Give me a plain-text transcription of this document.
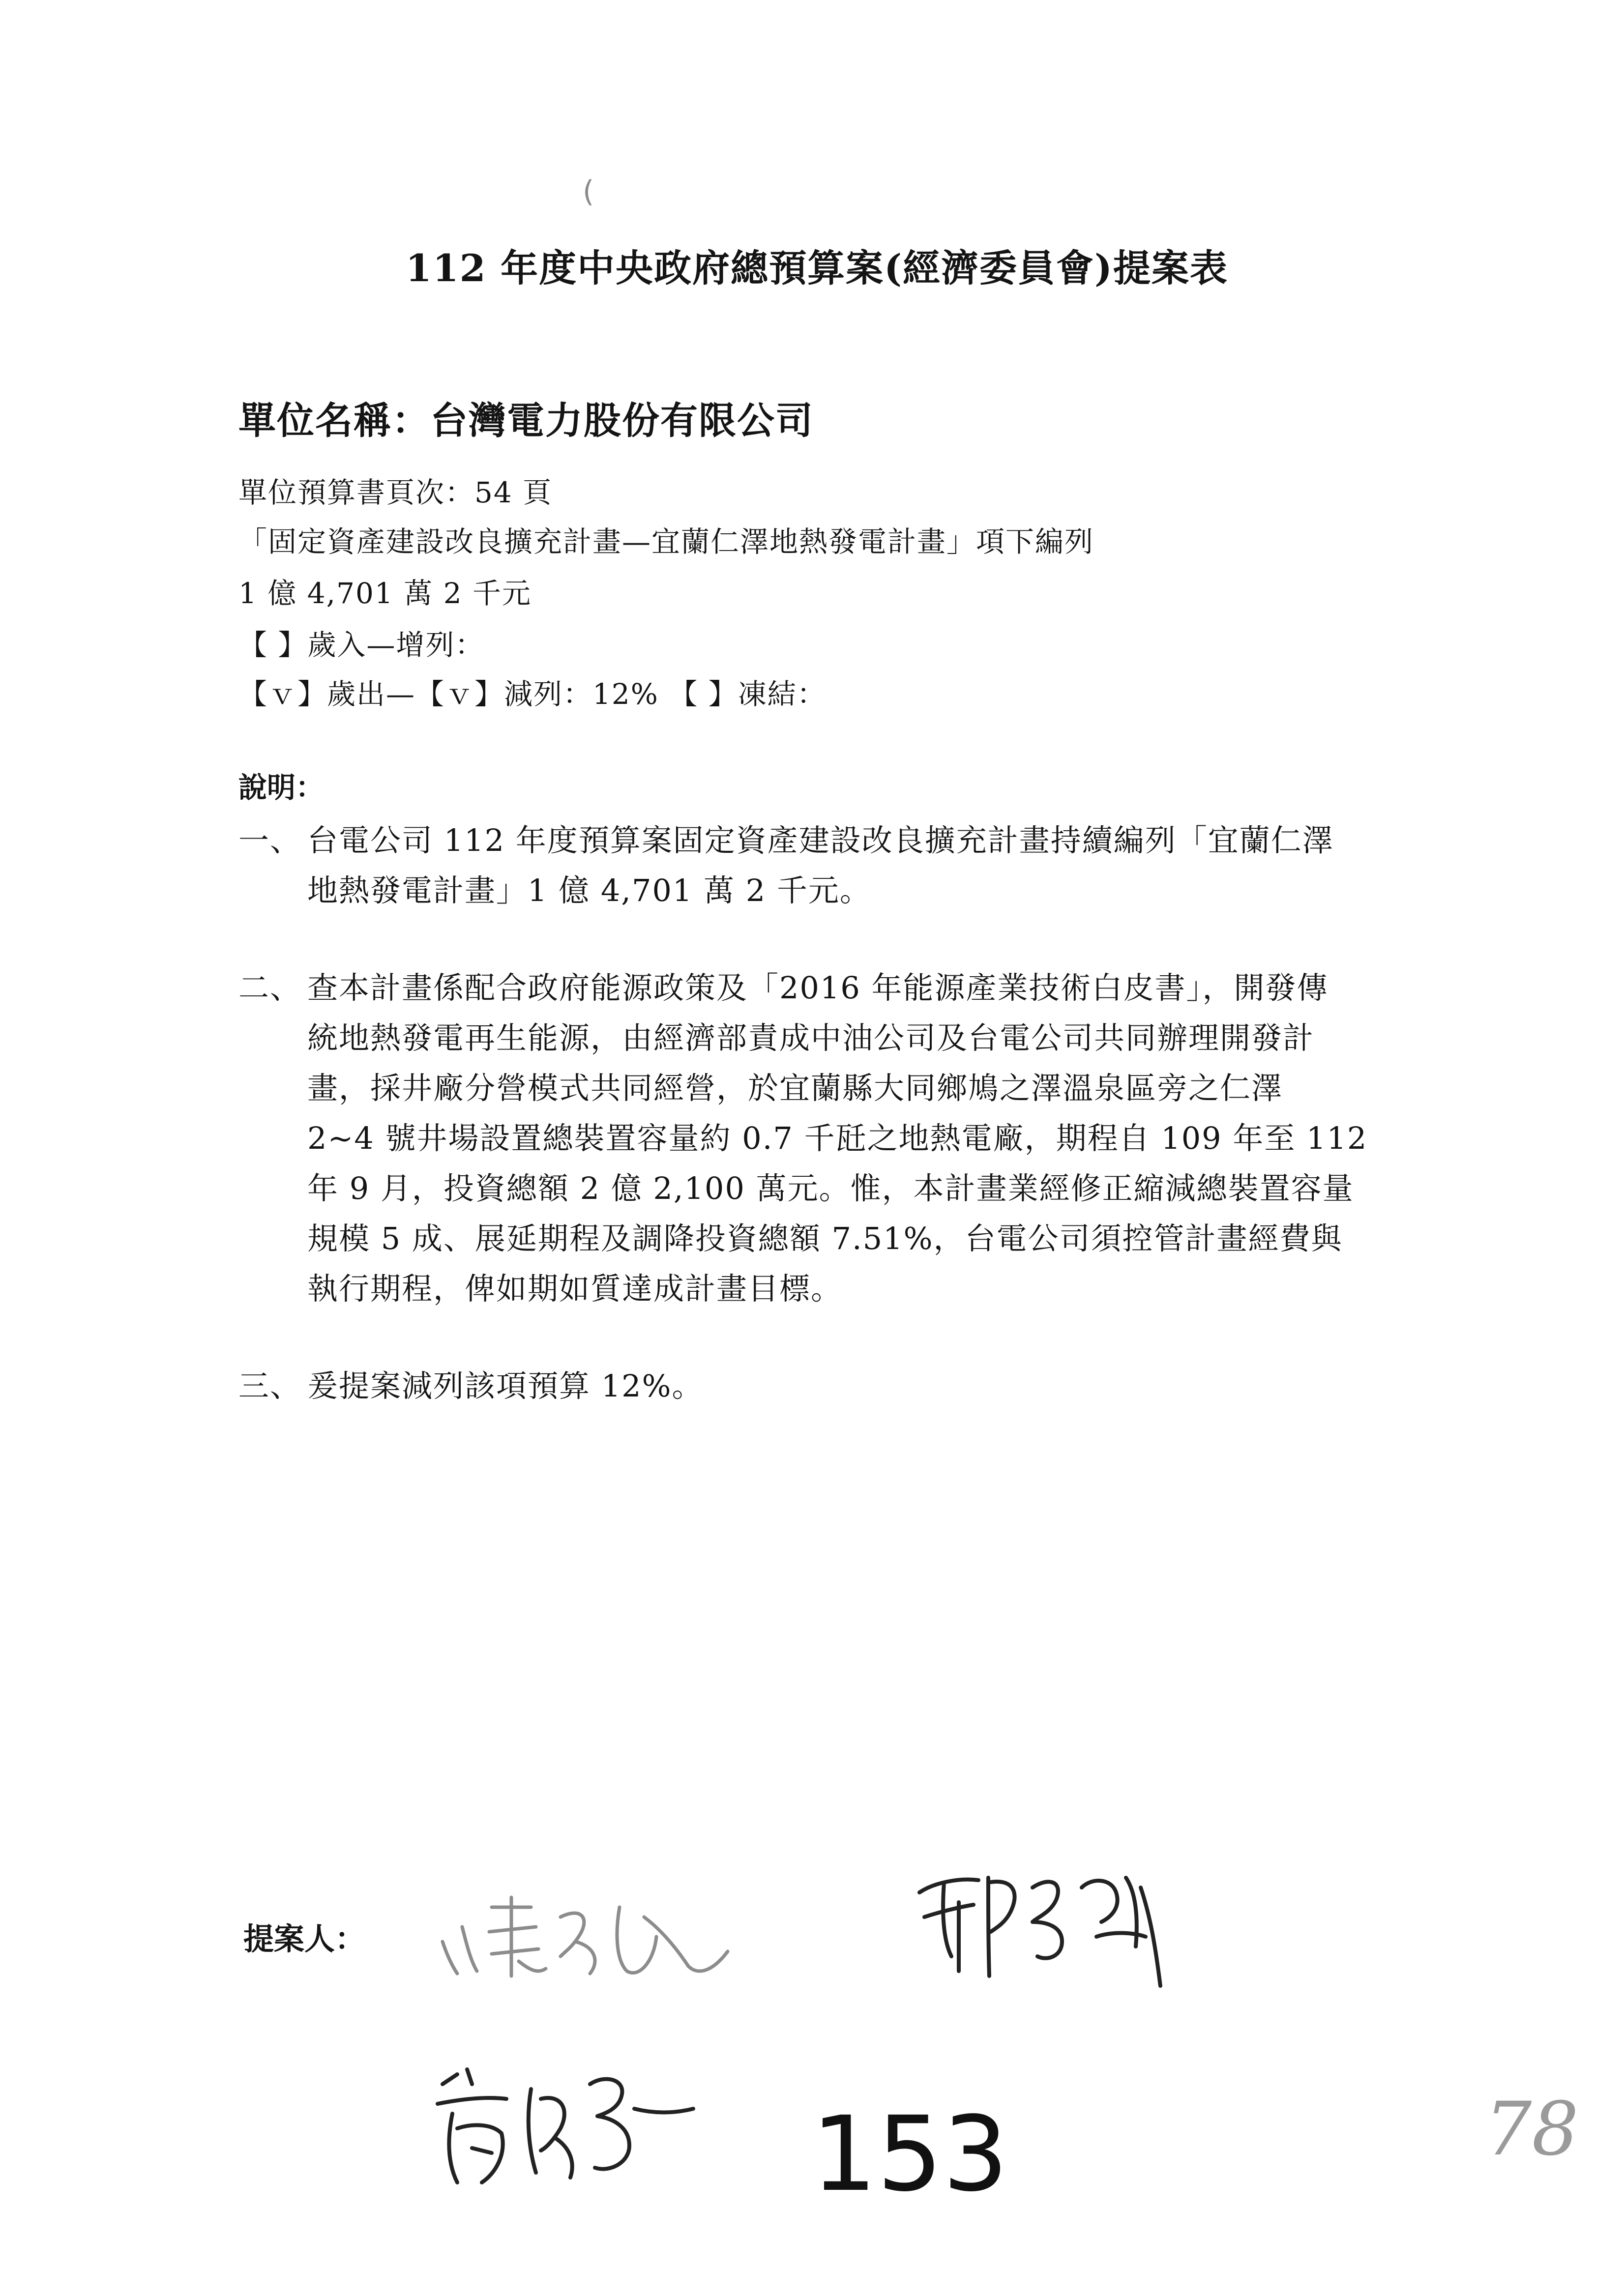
(
112 年度中央政府總預算案(經濟委員會)提案表
單位名稱：台灣電力股份有限公司
單位預算書頁次：54 頁
「固定資產建設改良擴充計畫—宜蘭仁澤地熱發電計畫」項下編列
1 億 4,701 萬 2 千元
【 】歲入—增列：
【ｖ】歲出—【ｖ】減列：12% 【 】凍結：
說明：
一、 台電公司 112 年度預算案固定資產建設改良擴充計畫持續編列「宜蘭仁澤
地熱發電計畫」1 億 4,701 萬 2 千元。
二、 查本計畫係配合政府能源政策及「2016 年能源產業技術白皮書」，開發傳
統地熱發電再生能源，由經濟部責成中油公司及台電公司共同辦理開發計
畫，採井廠分營模式共同經營，於宜蘭縣大同鄉鳩之澤溫泉區旁之仁澤
2~4 號井場設置總裝置容量約 0.7 千瓩之地熱電廠，期程自 109 年至 112
年 9 月，投資總額 2 億 2,100 萬元。惟，本計畫業經修正縮減總裝置容量
規模 5 成、展延期程及調降投資總額 7.51%，台電公司須控管計畫經費與
執行期程，俾如期如質達成計畫目標。
三、 爰提案減列該項預算 12%。
提案人：
153	78
